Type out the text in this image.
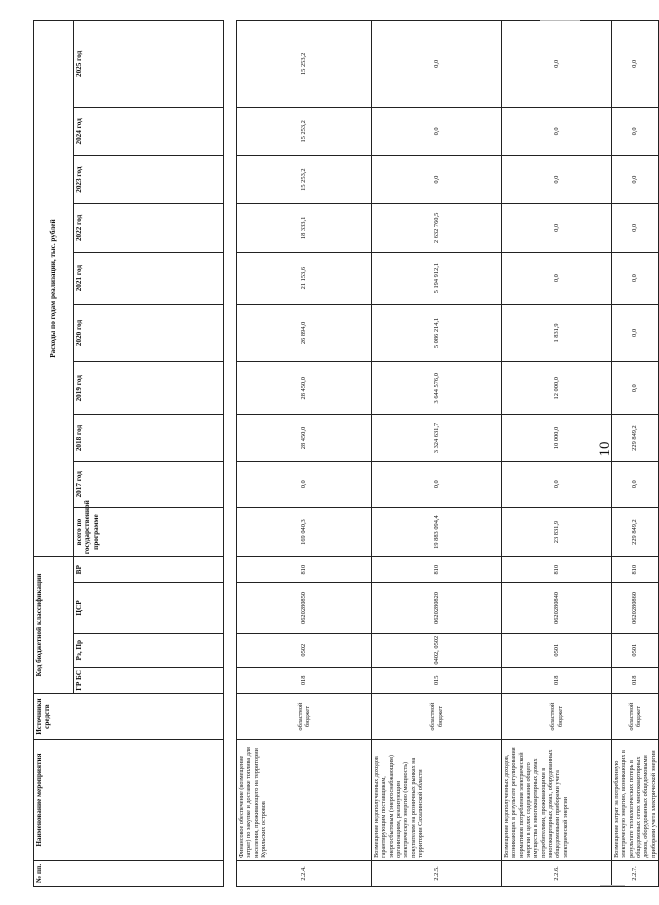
10
№ пп.	Наименование мероприятия	Источники средств	Код бюджетной классификации				Расходы по годам реализации, тыс. рублей									
			ГР БС	Рз, Пр	ЦСР	ВР	всего по государственной программе	2017 год	2018 год	2019 год	2020 год	2021 год	2022 год	2023 год	2024 год	2025 год

2.2.4.	Финансовое обеспечение (возмещение затрат) по закупке и доставке топлива для населения, проживающего на территории Курильских островов	областной бюджет	018	0502	0620280850	810	169 040,3	0,0	28 450,0	28 450,0	26 894,0	21 153,6	18 333,1	15 253,2	15 253,2	15 253,2
2.2.5.	Возмещение недополученных доходов гарантирующим поставщикам, энергосбытовым (энергоснабжающим) организациям, реализующим электрическую энергию (мощность) покупателям на розничных рынках на территории Сахалинской области	областной бюджет	015	0402, 0502	0620280820	810	19 883 094,4	0,0	3 324 631,7	3 644 576,0	5 086 214,1	5 194 912,1	2 632 760,5	0,0	0,0	0,0
2.2.6.	Возмещение недополученных доходов, возникающих в результате регулирования нормативов потребления электрической энергии в целях содержания общего имущества в многоквартирных домах потребителями, проживающими в многоквартирных домах, оборудованных общедомовыми приборами учета электрической энергии	областной бюджет	018	0501	0620280840	810	23 831,9	0,0	10 000,0	12 000,0	1 831,9	0,0	0,0	0,0	0,0	0,0
2.2.7.	Возмещение затрат за потребленную электрическую энергию, возникающих в результате технологических потерь в общедомовых сетях многоквартирных домов, оборудованных общедомовыми приборами учета электрической энергии	областной бюджет	018	0501	0620280860	810	229 849,2	0,0	229 849,2	0,0	0,0	0,0	0,0	0,0	0,0	0,0
